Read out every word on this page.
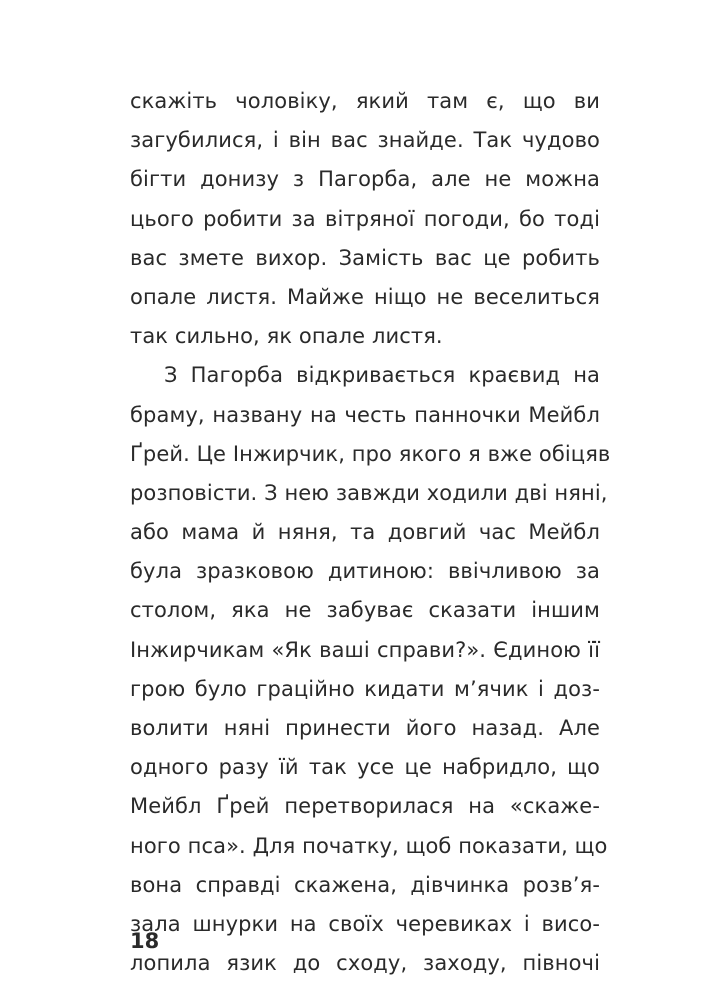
скажіть чоловіку, який там є, що ви
загубилися, і він вас знайде. Так чудово
бігти донизу з Пагорба, але не можна
цього робити за вітряної погоди, бо тоді
вас змете вихор. Замість вас це робить
опале листя. Майже ніщо не веселиться
так сильно, як опале листя.
З Пагорба відкривається краєвид на
браму, названу на честь панночки Мейбл
Ґрей. Це Інжирчик, про якого я вже обіцяв
розповісти. З нею завжди ходили дві няні,
або мама й няня, та довгий час Мейбл
була зразковою дитиною: ввічливою за
столом, яка не забуває сказати іншим
Інжирчикам «Як ваші справи?». Єдиною її
грою було граційно кидати м’ячик і доз-
волити няні принести його назад. Але
одного разу їй так усе це набридло, що
Мейбл Ґрей перетворилася на «скаже-
ного пса». Для початку, щоб показати, що
вона справді скажена, дівчинка розв’я-
зала шнурки на своїх черевиках і висо-
лопила язик до сходу, заходу, півночі
18
